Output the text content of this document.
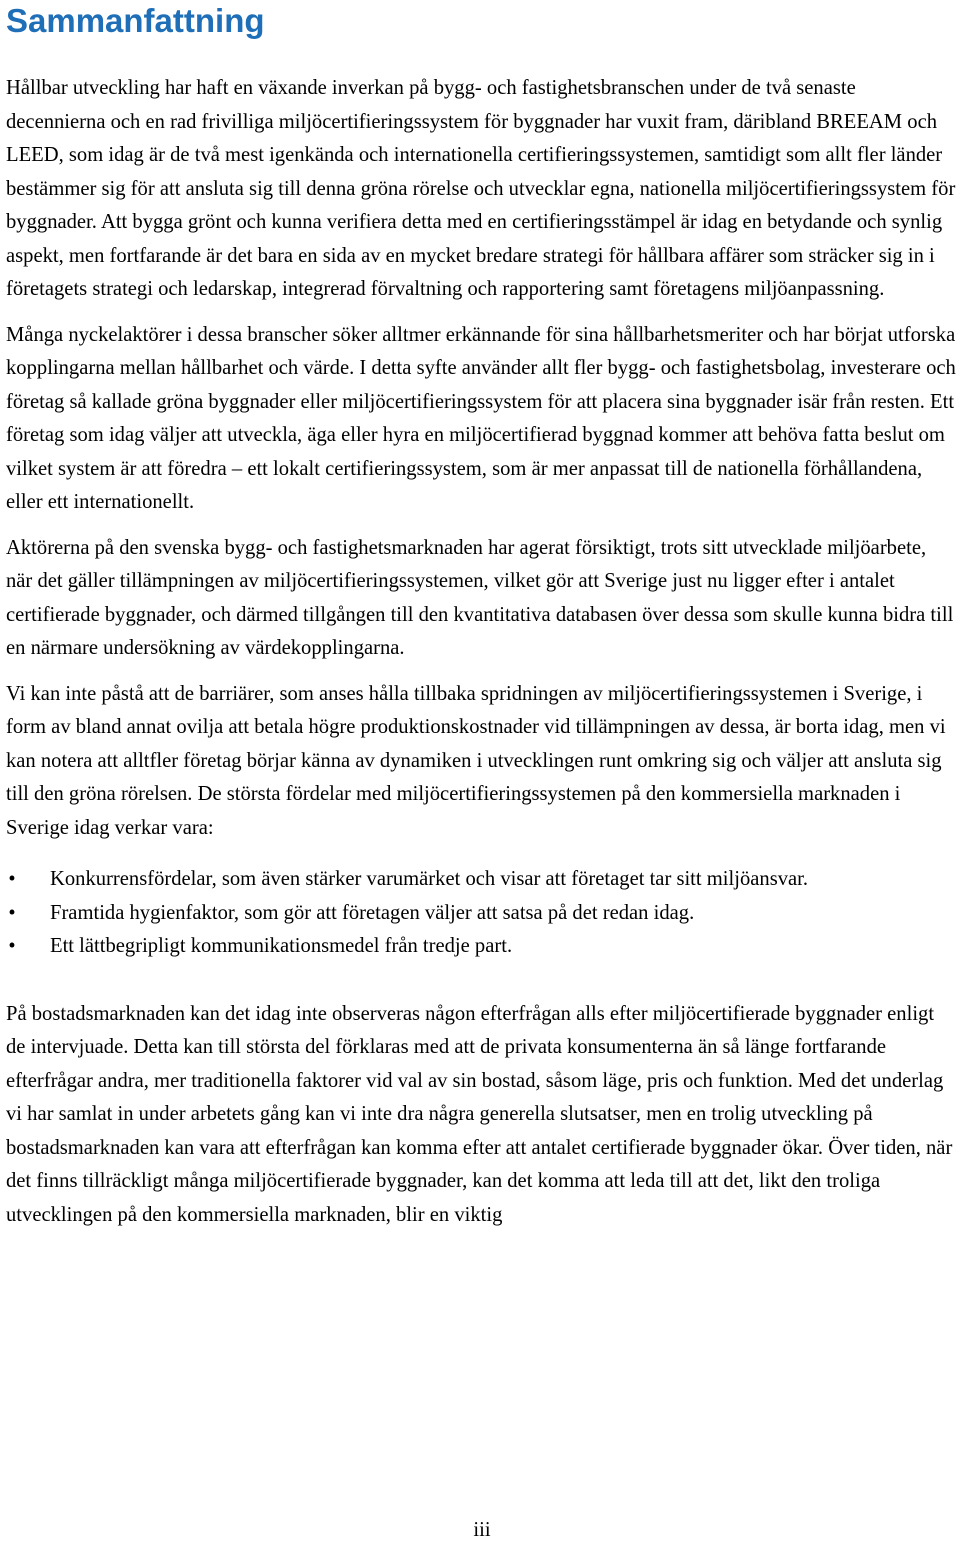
Sammanfattning

Hållbar utveckling har haft en växande inverkan på bygg- och fastighetsbranschen under de två senaste decennierna och en rad frivilliga miljöcertifieringssystem för byggnader har vuxit fram, däribland BREEAM och LEED, som idag är de två mest igenkända och internationella certifieringssystemen, samtidigt som allt fler länder bestämmer sig för att ansluta sig till denna gröna rörelse och utvecklar egna, nationella miljöcertifieringssystem för byggnader. Att bygga grönt och kunna verifiera detta med en certifieringsstämpel är idag en betydande och synlig aspekt, men fortfarande är det bara en sida av en mycket bredare strategi för hållbara affärer som sträcker sig in i företagets strategi och ledarskap, integrerad förvaltning och rapportering samt företagens miljöanpassning.

Många nyckelaktörer i dessa branscher söker alltmer erkännande för sina hållbarhetsmeriter och har börjat utforska kopplingarna mellan hållbarhet och värde. I detta syfte använder allt fler bygg- och fastighetsbolag, investerare och företag så kallade gröna byggnader eller miljöcertifieringssystem för att placera sina byggnader isär från resten. Ett företag som idag väljer att utveckla, äga eller hyra en miljöcertifierad byggnad kommer att behöva fatta beslut om vilket system är att föredra – ett lokalt certifieringssystem, som är mer anpassat till de nationella förhållandena, eller ett internationellt.

Aktörerna på den svenska bygg- och fastighetsmarknaden har agerat försiktigt, trots sitt utvecklade miljöarbete, när det gäller tillämpningen av miljöcertifieringssystemen, vilket gör att Sverige just nu ligger efter i antalet certifierade byggnader, och därmed tillgången till den kvantitativa databasen över dessa som skulle kunna bidra till en närmare undersökning av värdekopplingarna.

Vi kan inte påstå att de barriärer, som anses hålla tillbaka spridningen av miljöcertifieringssystemen i Sverige, i form av bland annat ovilja att betala högre produktionskostnader vid tillämpningen av dessa, är borta idag, men vi kan notera att alltfler företag börjar känna av dynamiken i utvecklingen runt omkring sig och väljer att ansluta sig till den gröna rörelsen. De största fördelar med miljöcertifieringssystemen på den kommersiella marknaden i Sverige idag verkar vara:

• Konkurrensfördelar, som även stärker varumärket och visar att företaget tar sitt miljöansvar.
• Framtida hygienfaktor, som gör att företagen väljer att satsa på det redan idag.
• Ett lättbegripligt kommunikationsmedel från tredje part.

På bostadsmarknaden kan det idag inte observeras någon efterfrågan alls efter miljöcertifierade byggnader enligt de intervjuade. Detta kan till största del förklaras med att de privata konsumenterna än så länge fortfarande efterfrågar andra, mer traditionella faktorer vid val av sin bostad, såsom läge, pris och funktion. Med det underlag vi har samlat in under arbetets gång kan vi inte dra några generella slutsatser, men en trolig utveckling på bostadsmarknaden kan vara att efterfrågan kan komma efter att antalet certifierade byggnader ökar. Över tiden, när det finns tillräckligt många miljöcertifierade byggnader, kan det komma att leda till att det, likt den troliga utvecklingen på den kommersiella marknaden, blir en viktig

iii
